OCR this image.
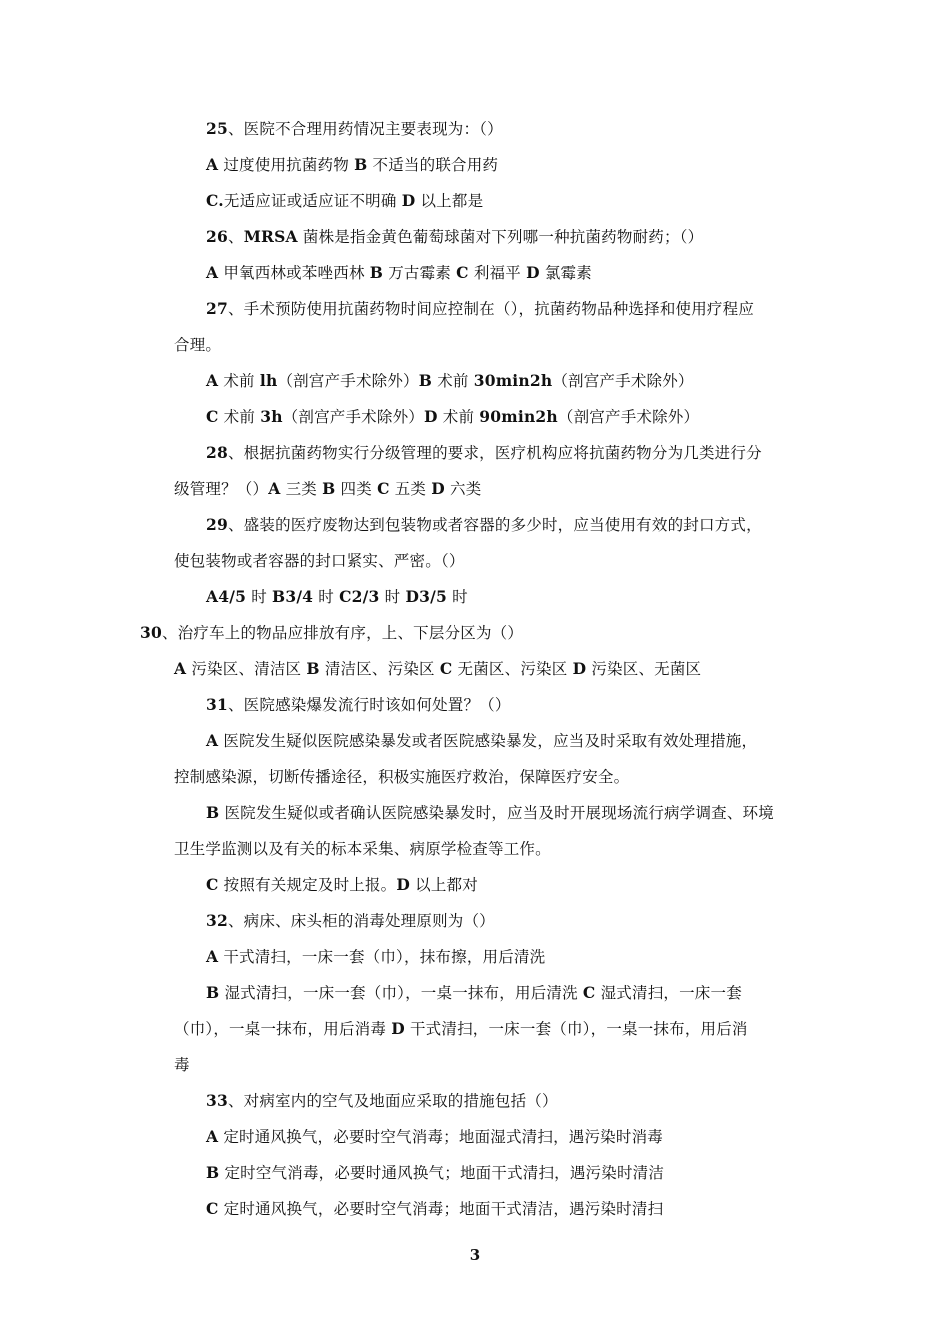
25、医院不合理用药情况主要表现为：（）
A 过度使用抗菌药物 B 不适当的联合用药
C.无适应证或适应证不明确 D 以上都是
26、MRSA 菌株是指金黄色葡萄球菌对下列哪一种抗菌药物耐药；（）
A 甲氧西林或苯唑西林 B 万古霉素 C 利福平 D 氯霉素
27、手术预防使用抗菌药物时间应控制在（），抗菌药物品种选择和使用疗程应
合理。
A 术前 lh（剖宫产手术除外）B 术前 30min2h（剖宫产手术除外）
C 术前 3h（剖宫产手术除外）D 术前 90min2h（剖宫产手术除外）
28、根据抗菌药物实行分级管理的要求，医疗机构应将抗菌药物分为几类进行分
级管理？（）A 三类 B 四类 C 五类 D 六类
29、盛装的医疗废物达到包装物或者容器的多少时，应当使用有效的封口方式，
使包装物或者容器的封口紧实、严密。（）
A4/5 时 B3/4 时 C2/3 时 D3/5 时
30、治疗车上的物品应排放有序，上、下层分区为（）
A 污染区、清洁区 B 清洁区、污染区 C 无菌区、污染区 D 污染区、无菌区
31、医院感染爆发流行时该如何处置？（）
A 医院发生疑似医院感染暴发或者医院感染暴发，应当及时采取有效处理措施，
控制感染源，切断传播途径，积极实施医疗救治，保障医疗安全。
B 医院发生疑似或者确认医院感染暴发时，应当及时开展现场流行病学调查、环境
卫生学监测以及有关的标本采集、病原学检查等工作。
C 按照有关规定及时上报。D 以上都对
32、病床、床头柜的消毒处理原则为（）
A 干式清扫，一床一套（巾），抹布擦，用后清洗
B 湿式清扫，一床一套（巾），一桌一抹布，用后清洗 C 湿式清扫，一床一套
（巾），一桌一抹布，用后消毒 D 干式清扫，一床一套（巾），一桌一抹布，用后消
毒
33、对病室内的空气及地面应采取的措施包括（）
A 定时通风换气，必要时空气消毒；地面湿式清扫，遇污染时消毒
B 定时空气消毒，必要时通风换气；地面干式清扫，遇污染时清洁
C 定时通风换气，必要时空气消毒；地面干式清洁，遇污染时清扫
3
